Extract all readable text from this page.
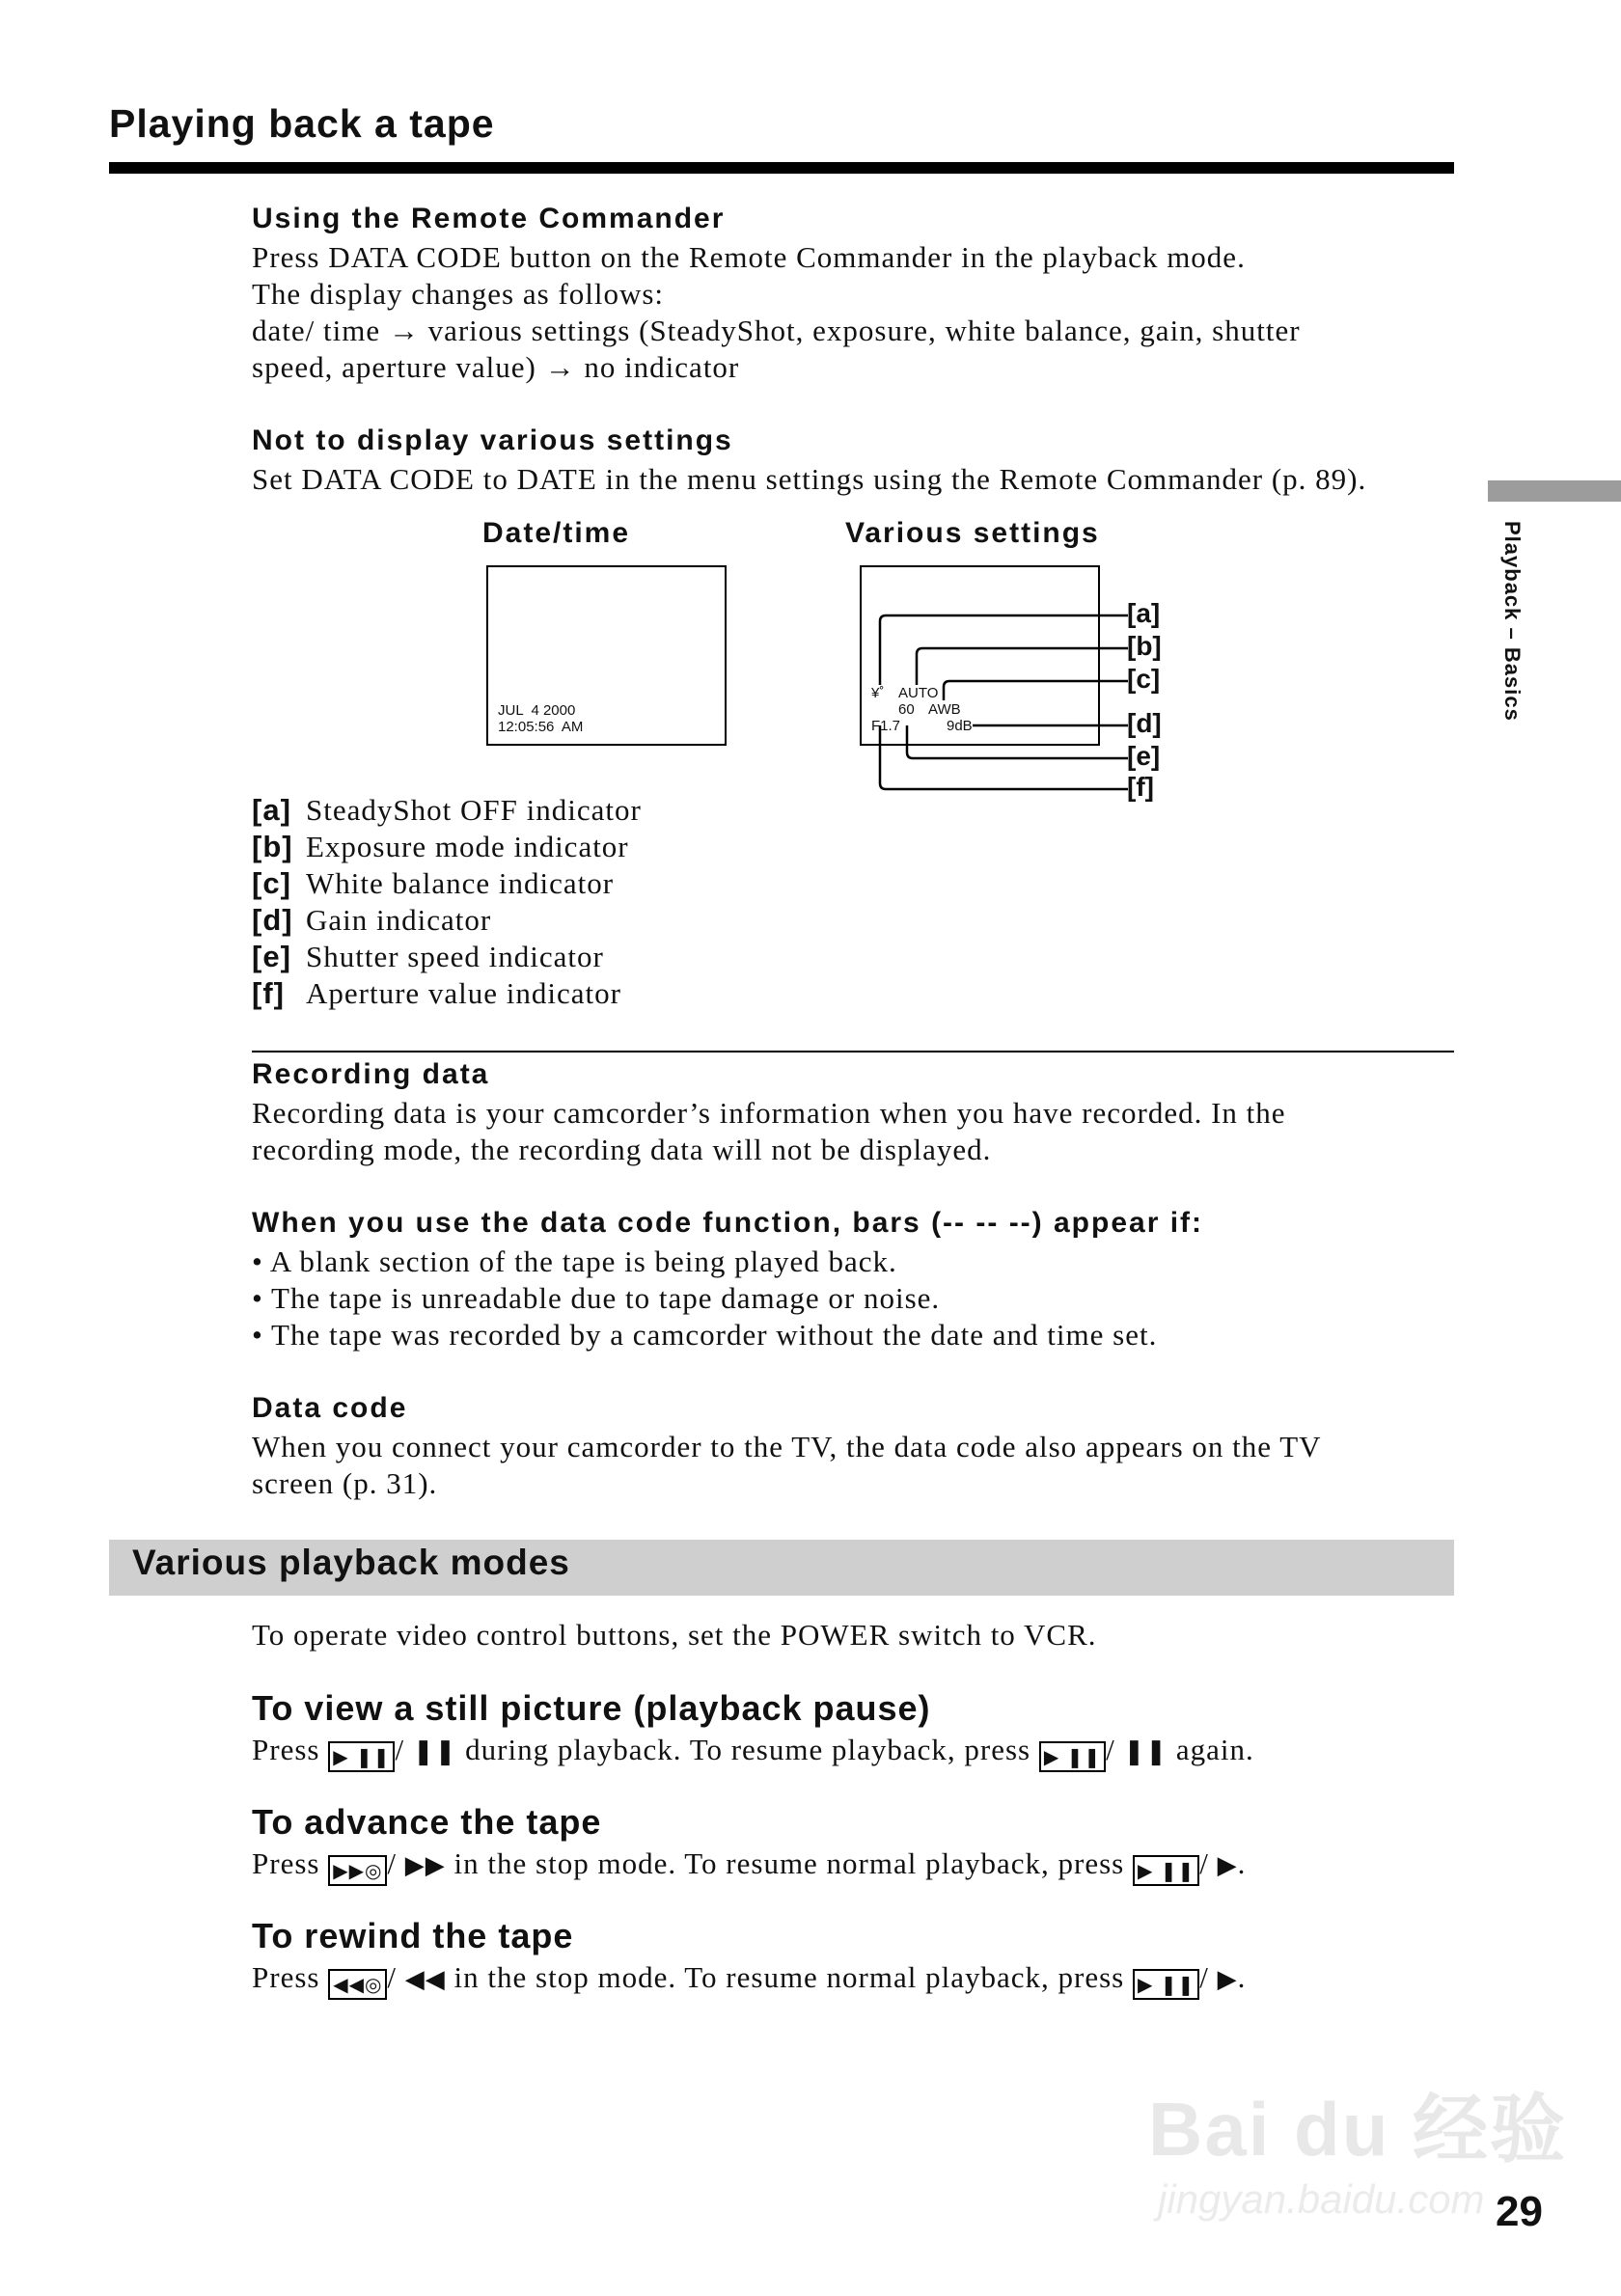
Playing back a tape
Playback – Basics
Using the Remote Commander
Press DATA CODE button on the Remote Commander in the playback mode.
The display changes as follows:
date/ time → various settings (SteadyShot, exposure, white balance, gain, shutter
speed, aperture value) → no indicator
Not to display various settings
Set DATA CODE to DATE in the menu settings using the Remote Commander (p. 89).
Date/time	Various settings
JUL  4 2000
12:05:56  AM
¥˚ AUTO
60 AWB
F1.7	9dB
[a]
[b]
[c]
[d]
[e]
[f]
[a] SteadyShot OFF indicator
[b] Exposure mode indicator
[c] White balance indicator
[d] Gain indicator
[e] Shutter speed indicator
[f] Aperture value indicator
Recording data
Recording data is your camcorder’s information when you have recorded. In the
recording mode, the recording data will not be displayed.
When you use the data code function, bars (-- -- --) appear if:
• A blank section of the tape is being played back.
• The tape is unreadable due to tape damage or noise.
• The tape was recorded by a camcorder without the date and time set.
Data code
When you connect your camcorder to the TV, the data code also appears on the TV
screen (p. 31).
Various playback modes
To operate video control buttons, set the POWER switch to VCR.
To view a still picture (playback pause)
Press ▶ ❚❚ / ❚❚ during playback. To resume playback, press ▶ ❚❚ / ❚❚ again.
To advance the tape
Press ▶▶◎ / ▶▶ in the stop mode. To resume normal playback, press ▶ ❚❚ / ▶.
To rewind the tape
Press ◀◀◎ / ◀◀ in the stop mode. To resume normal playback, press ▶ ❚❚ / ▶.
Bai du 经验
jingyan.baidu.com 29
